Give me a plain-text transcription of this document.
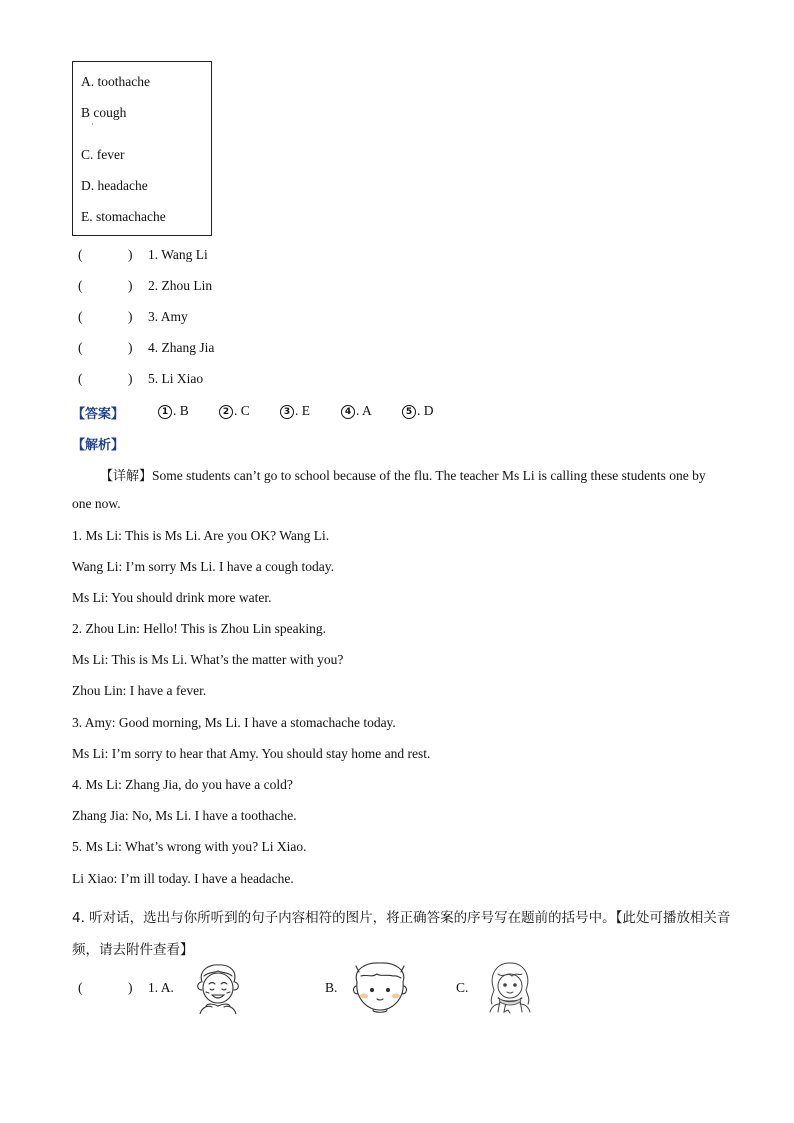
A. toothache
B cough
·
C. fever
D. headache
E. stomachache
(	) 1. Wang Li
(	) 2. Zhou Lin
(	) 3. Amy
(	) 4. Zhang Jia
(	) 5. Li Xiao
【答案】	1 . B	2 . C	3 . E	4 . A	5 . D
【解析】
【详解】Some students can’t go to school because of the flu. The teacher Ms Li is calling these students one by
one now.
1. Ms Li: This is Ms Li. Are you OK? Wang Li.
Wang Li: I’m sorry Ms Li. I have a cough today.
Ms Li: You should drink more water.
2. Zhou Lin: Hello! This is Zhou Lin speaking.
Ms Li: This is Ms Li. What’s the matter with you?
Zhou Lin: I have a fever.
3. Amy: Good morning, Ms Li. I have a stomachache today.
Ms Li: I’m sorry to hear that Amy. You should stay home and rest.
4. Ms Li: Zhang Jia, do you have a cold?
Zhang Jia: No, Ms Li. I have a toothache.
5. Ms Li: What’s wrong with you? Li Xiao.
Li Xiao: I’m ill today. I have a headache.
4. 听对话，选出与你所听到的句子内容相符的图片，将正确答案的序号写在题前的括号中。【此处可播放相关音频，请去附件查看】
(	) 1. A.	B.	C.
